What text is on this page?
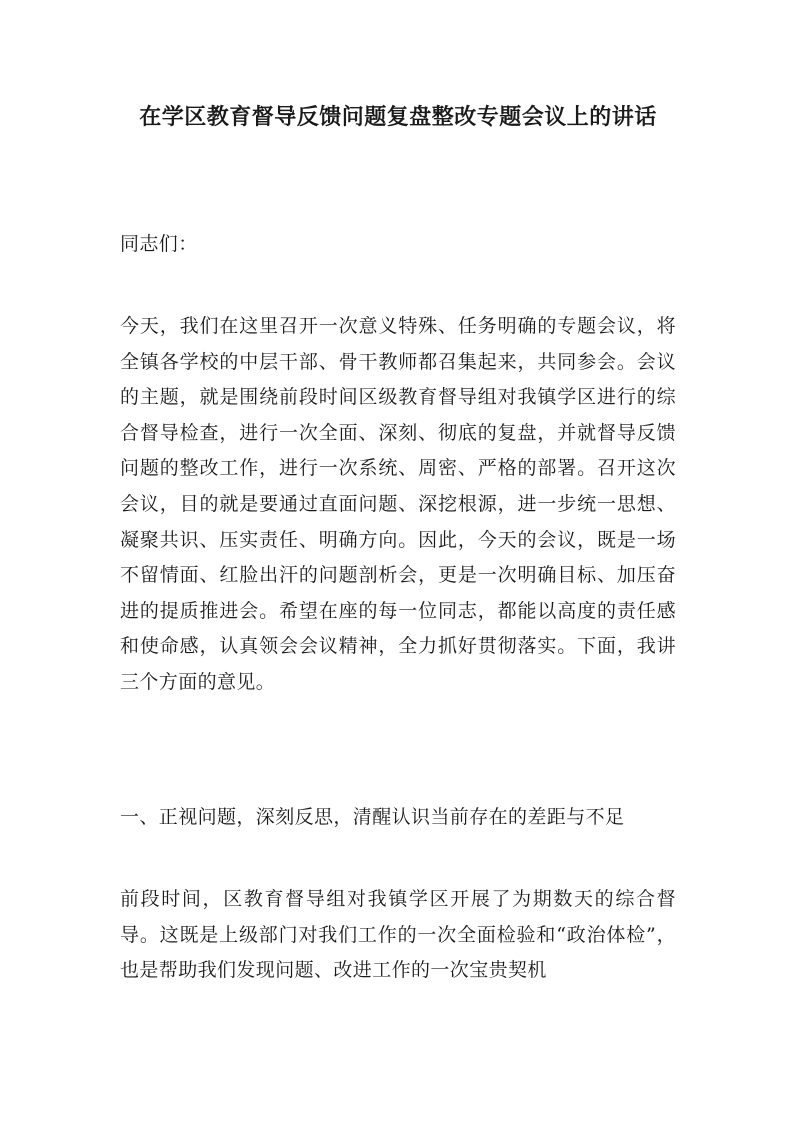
在学区教育督导反馈问题复盘整改专题会议上的讲话

同志们：

今天，我们在这里召开一次意义特殊、任务明确的专题会议，将全镇各学校的中层干部、骨干教师都召集起来，共同参会。会议的主题，就是围绕前段时间区级教育督导组对我镇学区进行的综合督导检查，进行一次全面、深刻、彻底的复盘，并就督导反馈问题的整改工作，进行一次系统、周密、严格的部署。召开这次会议，目的就是要通过直面问题、深挖根源，进一步统一思想、凝聚共识、压实责任、明确方向。因此，今天的会议，既是一场不留情面、红脸出汗的问题剖析会，更是一次明确目标、加压奋进的提质推进会。希望在座的每一位同志，都能以高度的责任感和使命感，认真领会会议精神，全力抓好贯彻落实。下面，我讲三个方面的意见。

一、正视问题，深刻反思，清醒认识当前存在的差距与不足

前段时间，区教育督导组对我镇学区开展了为期数天的综合督导。这既是上级部门对我们工作的一次全面检验和“政治体检”，也是帮助我们发现问题、改进工作的一次宝贵契机
